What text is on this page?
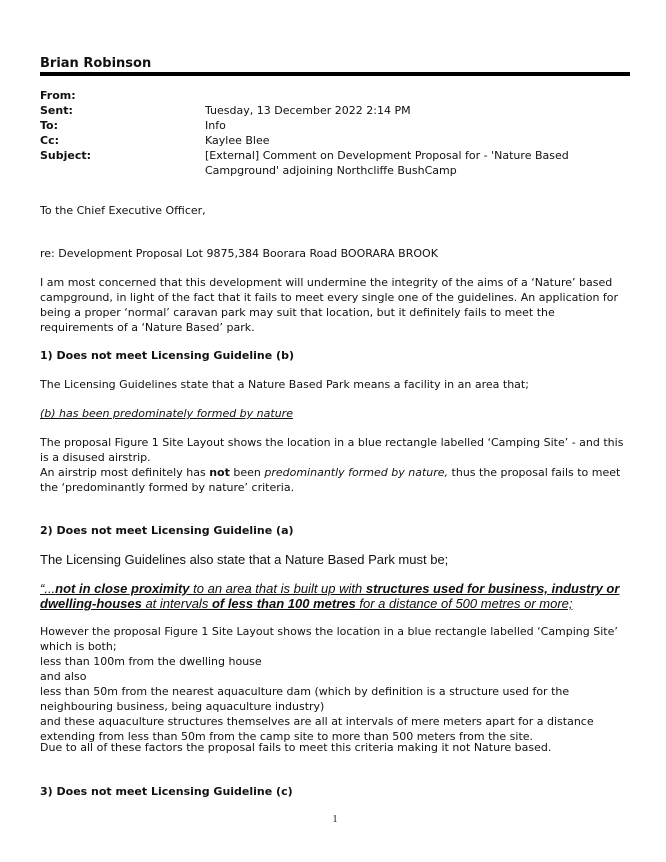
Brian Robinson
From:
Sent:	Tuesday, 13 December 2022 2:14 PM
To:	Info
Cc:	Kaylee Blee
Subject:	[External] Comment on Development Proposal for - 'Nature Based Campground' adjoining Northcliffe BushCamp
To the Chief Executive Officer,
re: Development Proposal Lot 9875,384 Boorara Road BOORARA BROOK
I am most concerned that this development will undermine the integrity of the aims of a ‘Nature’ based campground, in light of the fact that it fails to meet every single one of the guidelines. An application for being a proper ‘normal’ caravan park may suit that location, but it definitely fails to meet the requirements of a ‘Nature Based’ park.
1) Does not meet Licensing Guideline (b)
The Licensing Guidelines state that a Nature Based Park means a facility in an area that;
(b) has been predominately formed by nature
The proposal Figure 1 Site Layout shows the location in a blue rectangle labelled ‘Camping Site’ - and this is a disused airstrip.
An airstrip most definitely has not been predominantly formed by nature, thus the proposal fails to meet the ‘predominantly formed by nature’ criteria.
2) Does not meet Licensing Guideline (a)
The Licensing Guidelines also state that a Nature Based Park must be;
“...not in close proximity to an area that is built up with structures used for business, industry or dwelling-houses at intervals of less than 100 metres for a distance of 500 metres or more;
However the proposal Figure 1 Site Layout shows the location in a blue rectangle labelled ‘Camping Site’ which is both;
less than 100m from the dwelling house
and also
less than 50m from the nearest aquaculture dam (which by definition is a structure used for the neighbouring business, being aquaculture industry)
and these aquaculture structures themselves are all at intervals of mere meters apart for a distance extending from less than 50m from the camp site to more than 500 meters from the site.
Due to all of these factors the proposal fails to meet this criteria making it not Nature based.
3) Does not meet Licensing Guideline (c)
1
